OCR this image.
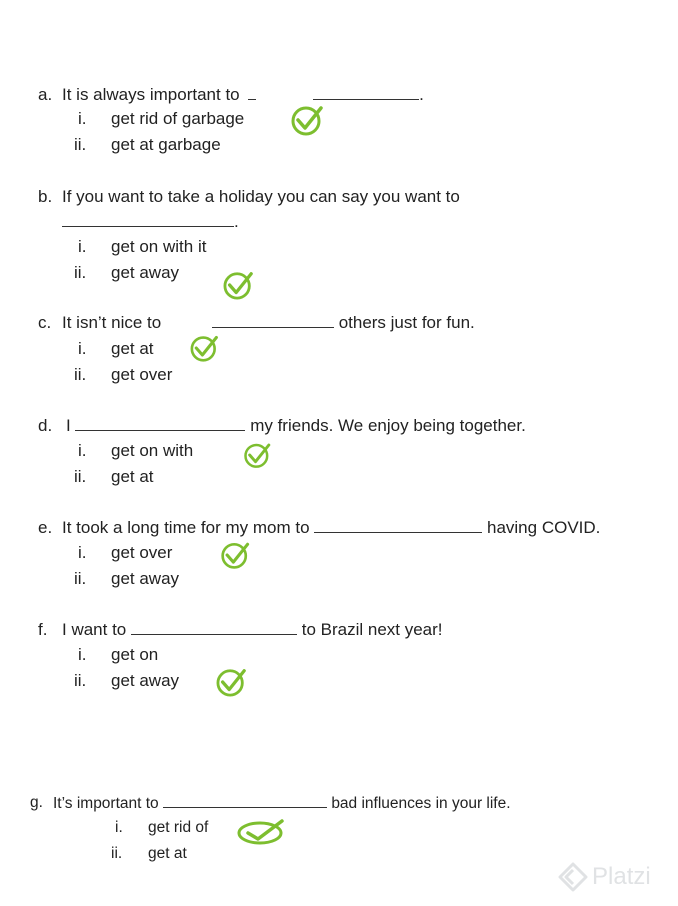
a. It is always important to	.
i. get rid of garbage
ii. get at garbage
b. If you want to take a holiday you can say you want to
.
i. get on with it
ii. get away
c. It isn’t nice to	others just for fun.
i. get at
ii. get over
d. I	my friends. We enjoy being together.
i. get on with
ii. get at
e. It took a long time for my mom to	having COVID.
i. get over
ii. get away
f. I want to	to Brazil next year!
i. get on
ii. get away
g. It’s important to	bad influences in your life.
i. get rid of
ii. get at
Platzi
